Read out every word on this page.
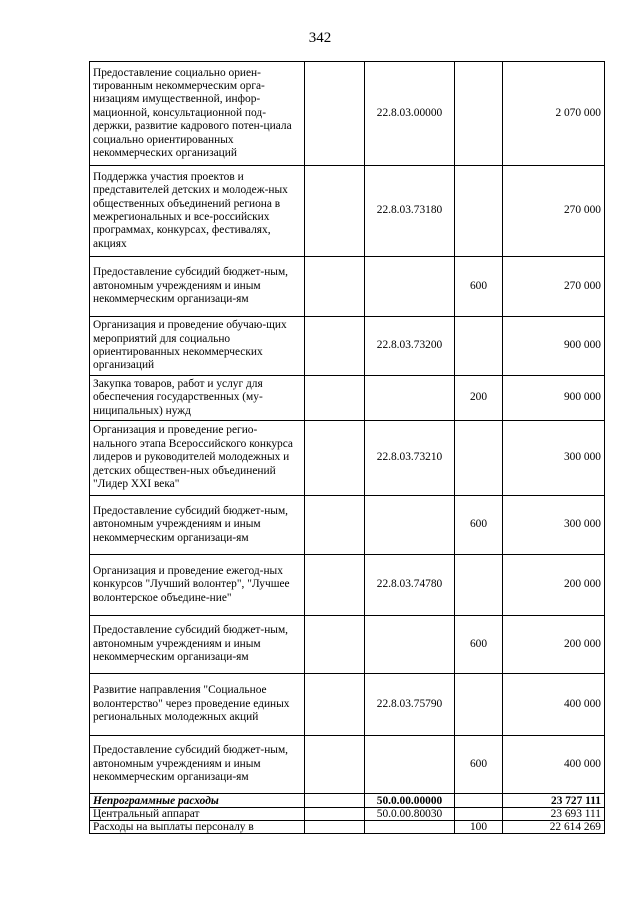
342
Предоставление социально ориен-тированным некоммерческим орга-низациям имущественной, инфор-мационной, консультационной под-держки, развитие кадрового потен-циала социально ориентированных некоммерческих организаций		22.8.03.00000		2 070 000
Поддержка участия проектов и представителей детских и молодеж-ных общественных объединений региона в межрегиональных и все-российских программах, конкурсах, фестивалях, акциях		22.8.03.73180		270 000
Предоставление субсидий бюджет-ным, автономным учреждениям и иным некоммерческим организаци-ям			600	270 000
Организация и проведение обучаю-щих мероприятий для социально ориентированных некоммерческих организаций		22.8.03.73200		900 000
Закупка товаров, работ и услуг для обеспечения государственных (му-ниципальных) нужд			200	900 000
Организация и проведение регио-нального этапа Всероссийского конкурса лидеров и руководителей молодежных и детских обществен-ных объединений "Лидер XXI века"		22.8.03.73210		300 000
Предоставление субсидий бюджет-ным, автономным учреждениям и иным некоммерческим организаци-ям			600	300 000
Организация и проведение ежегод-ных конкурсов "Лучший волонтер", "Лучшее волонтерское объедине-ние"		22.8.03.74780		200 000
Предоставление субсидий бюджет-ным, автономным учреждениям и иным некоммерческим организаци-ям			600	200 000
Развитие направления "Социальное волонтерство" через проведение единых региональных молодежных акций		22.8.03.75790		400 000
Предоставление субсидий бюджет-ным, автономным учреждениям и иным некоммерческим организаци-ям			600	400 000
Непрограммные расходы		50.0.00.00000		23 727 111
Центральный аппарат		50.0.00.80030		23 693 111
Расходы на выплаты персоналу в			100	22 614 269
